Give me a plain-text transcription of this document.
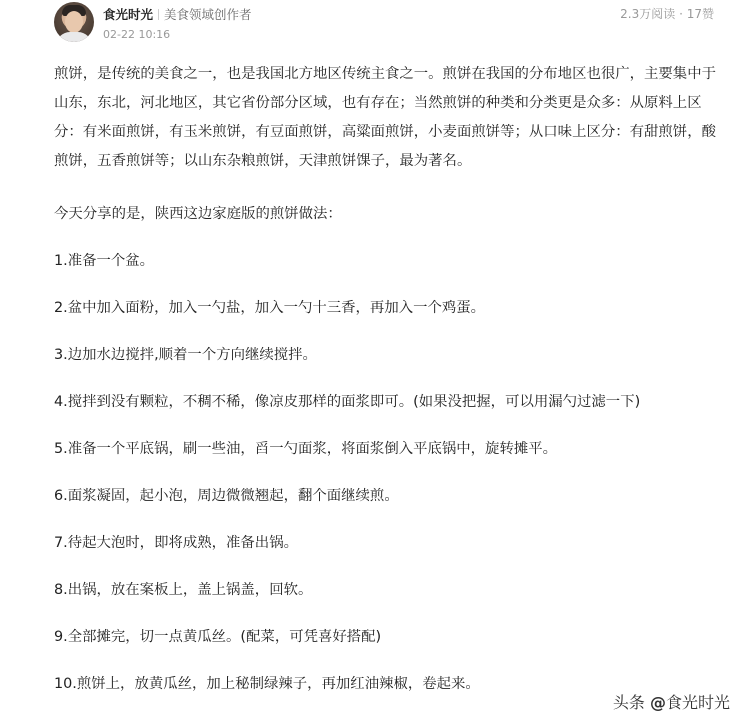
食光时光 美食领域创作者
02-22 10:16
2.3万阅读 · 17赞

煎饼，是传统的美食之一，也是我国北方地区传统主食之一。煎饼在我国的分布地区也很广，主要集中于山东，东北，河北地区，其它省份部分区域，也有存在；当然煎饼的种类和分类更是众多：从原料上区分：有米面煎饼，有玉米煎饼，有豆面煎饼，高粱面煎饼，小麦面煎饼等；从口味上区分：有甜煎饼，酸煎饼，五香煎饼等；以山东杂粮煎饼，天津煎饼馃子，最为著名。

今天分享的是，陕西这边家庭版的煎饼做法：

1.准备一个盆。

2.盆中加入面粉，加入一勺盐，加入一勺十三香，再加入一个鸡蛋。

3.边加水边搅拌,顺着一个方向继续搅拌。

4.搅拌到没有颗粒，不稠不稀，像凉皮那样的面浆即可。(如果没把握，可以用漏勺过滤一下)

5.准备一个平底锅，刷一些油，舀一勺面浆，将面浆倒入平底锅中，旋转摊平。

6.面浆凝固，起小泡，周边微微翘起，翻个面继续煎。

7.待起大泡时，即将成熟，准备出锅。

8.出锅，放在案板上，盖上锅盖，回软。

9.全部摊完，切一点黄瓜丝。(配菜，可凭喜好搭配)

10.煎饼上，放黄瓜丝，加上秘制绿辣子，再加红油辣椒，卷起来。

头条 @食光时光
